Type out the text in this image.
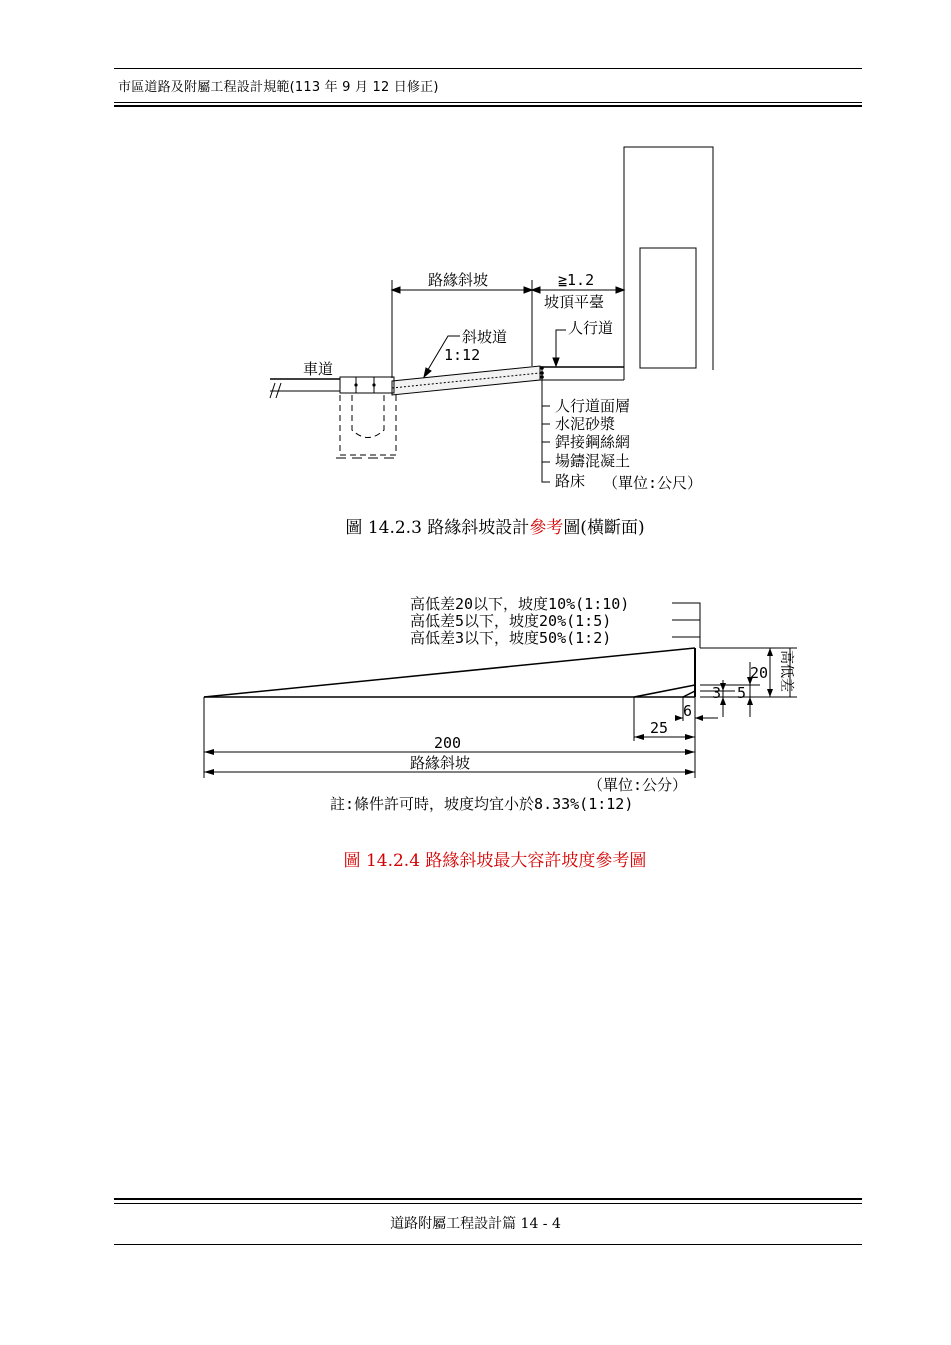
市區道路及附屬工程設計規範(113 年 9 月 12 日修正)
路緣斜坡	≧1.2
坡頂平臺
斜坡道
1:12
人行道
車道
人行道面層
水泥砂漿
銲接鋼絲網
場鑄混凝土
路床 （單位:公尺）
圖 14.2.3 路緣斜坡設計參考圖(橫斷面)
高低差20以下，坡度10%(1:10)
高低差5以下，坡度20%(1:5)
高低差3以下，坡度50%(1:2)
20
5
3
6
25
200
路緣斜坡
高低差
（單位:公分）
註:條件許可時，坡度均宜小於8.33%(1:12)
圖 14.2.4 路緣斜坡最大容許坡度參考圖
道路附屬工程設計篇 14 - 4
